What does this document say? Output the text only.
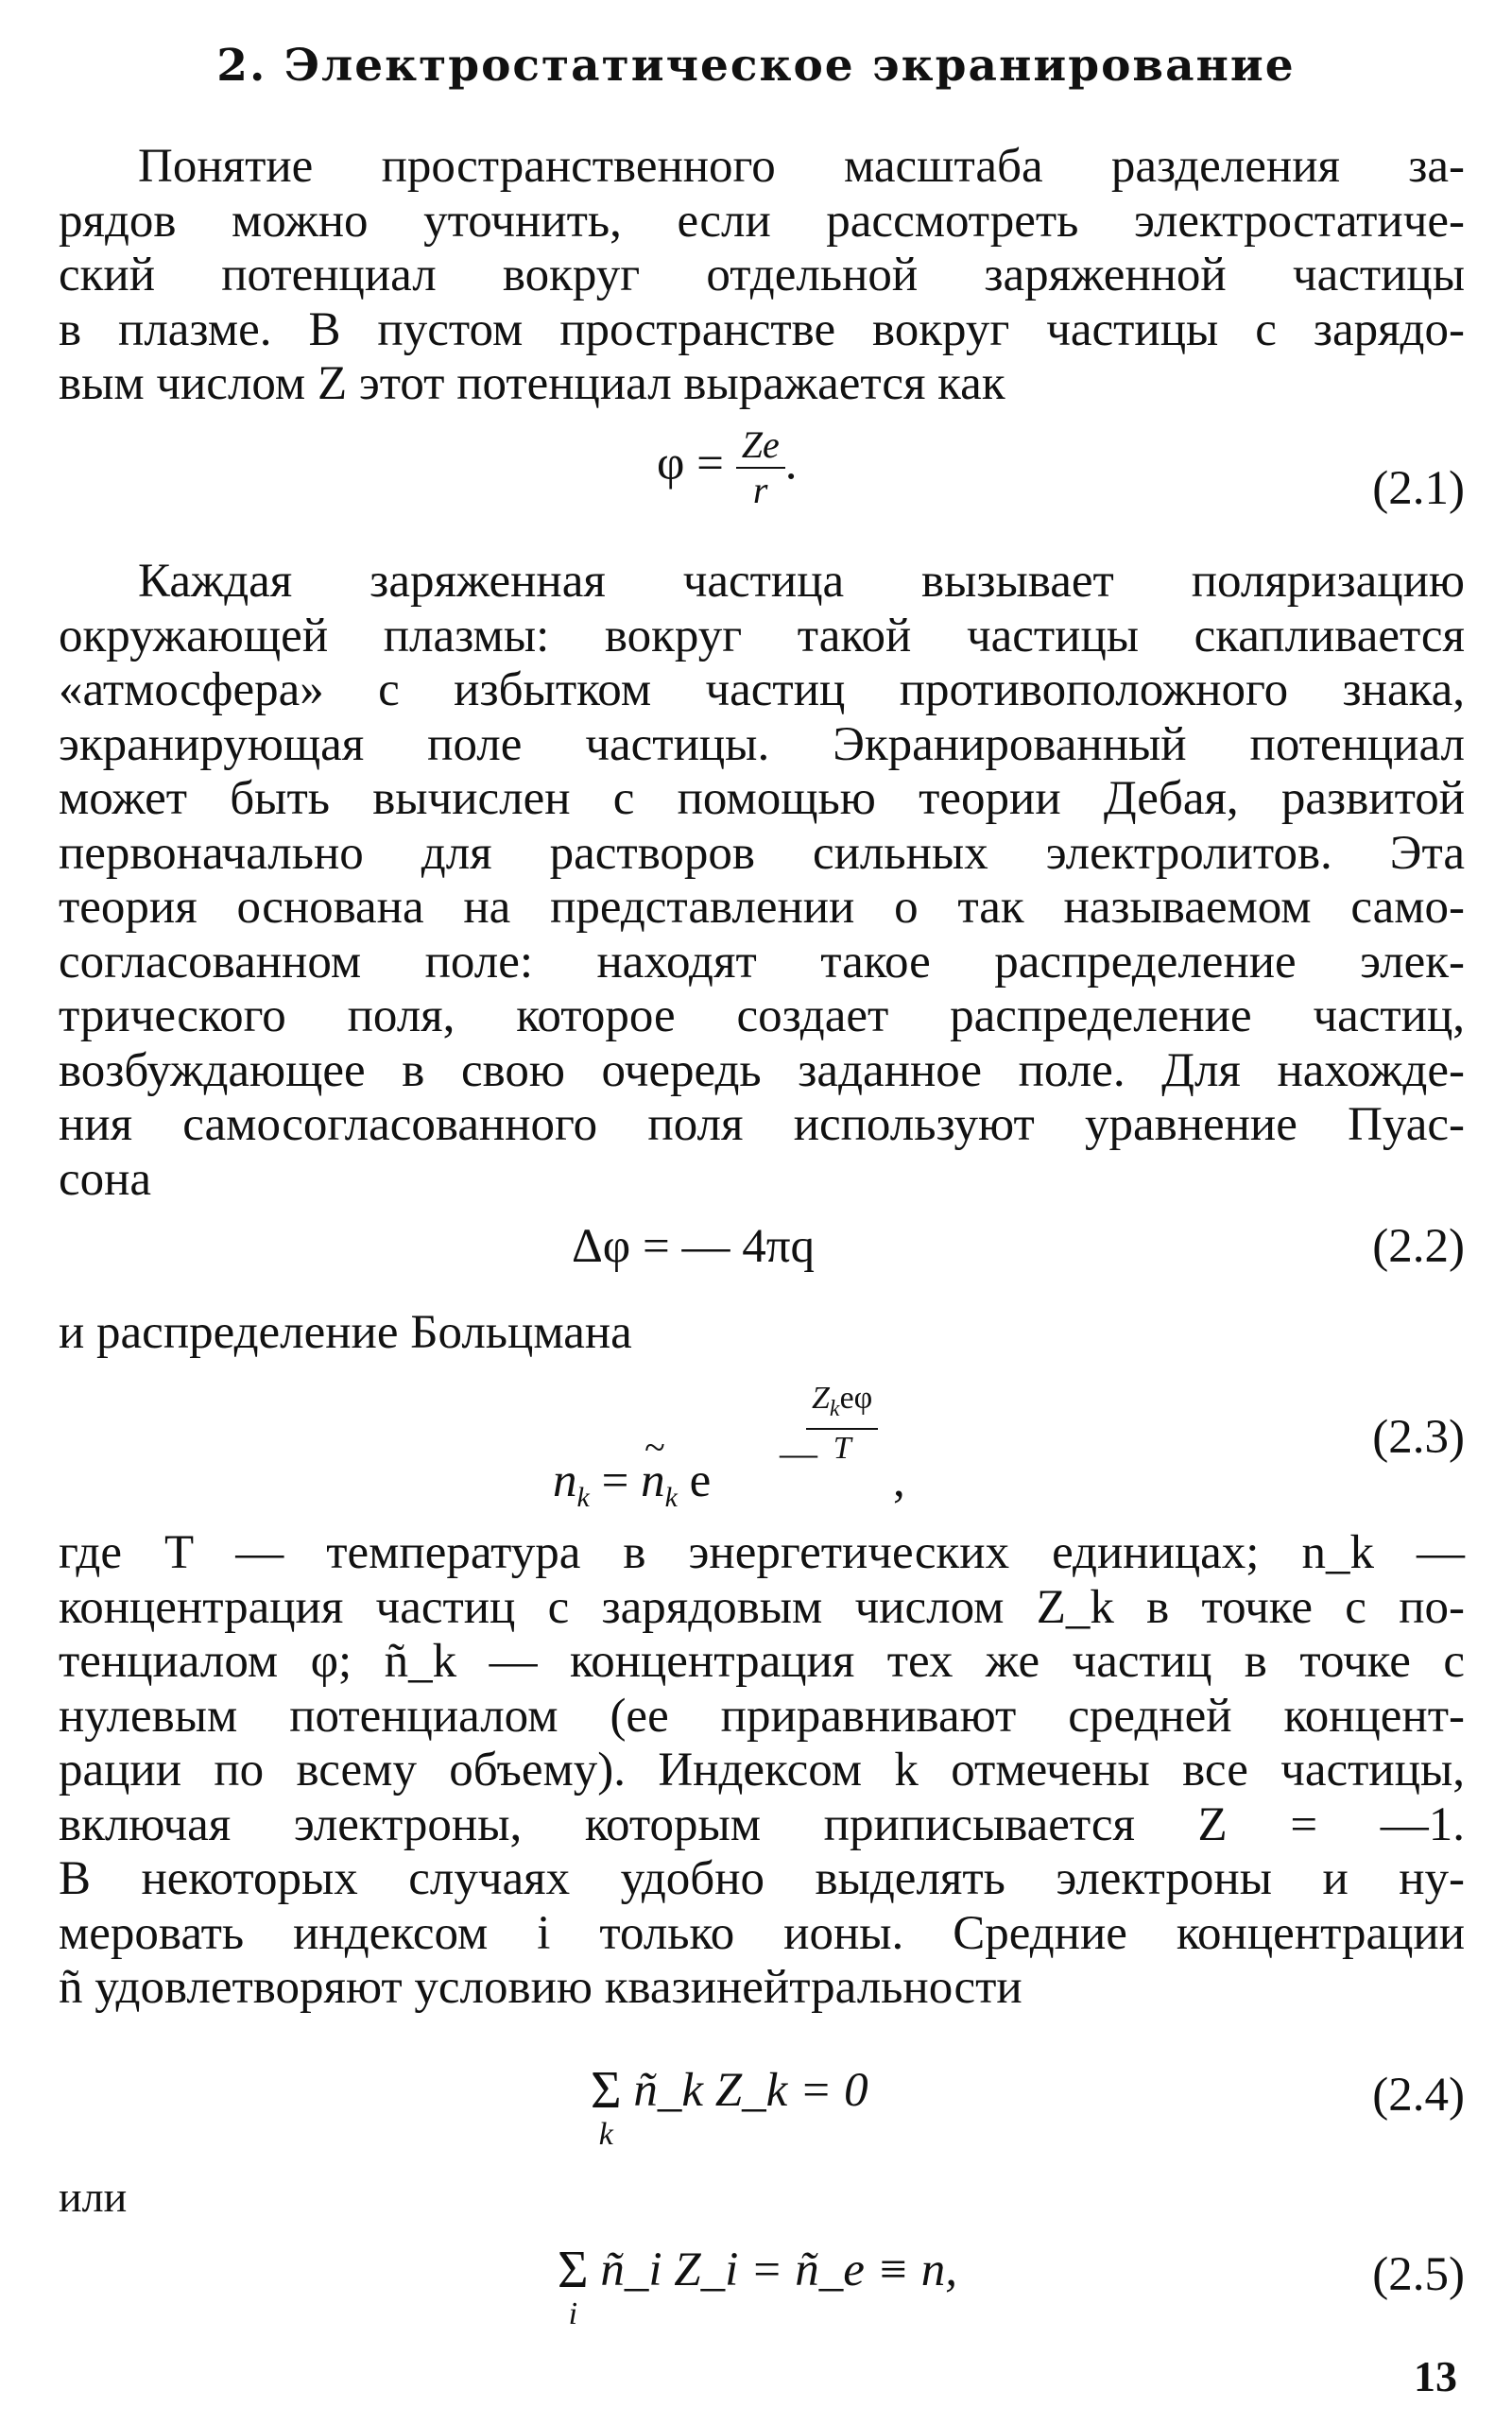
2. Электростатическое экранирование
Понятие пространственного масштаба разделения за-
рядов можно уточнить, если рассмотреть электростатиче-
ский потенциал вокруг отдельной заряженной частицы
в плазме. В пустом пространстве вокруг частицы с зарядо-
вым числом Z этот потенциал выражается как
$\varphi = \frac{Ze}{r}$ .	(2.1)
Каждая заряженная частица вызывает поляризацию
окружающей плазмы: вокруг такой частицы скапливается
«атмосфера» с избытком частиц противоположного знака,
экранирующая поле частицы. Экранированный потенциал
может быть вычислен с помощью теории Дебая, развитой
первоначально для растворов сильных электролитов. Эта
теория основана на представлении о так называемом само-
согласованном поле: находят такое распределение элек-
трического поля, которое создает распределение частиц,
возбуждающее в свою очередь заданное поле. Для нахожде-
ния самосогласованного поля используют уравнение Пуас-
сона
Δφ = — 4πq	(2.2)
и распределение Больцмана
$n_k$ = ~ $n_k$ e
—
$Z_ke\varphi$
T
,
(2.3)
где T — температура в энергетических единицах; n_k —
концентрация частиц с зарядовым числом Z_k в точке с по-
тенциалом φ; ñ_k — концентрация тех же частиц в точке с
нулевым потенциалом (ее приравнивают средней концент-
рации по всему объему). Индексом k отмечены все частицы,
включая электроны, которым приписывается Z = —1.
В некоторых случаях удобно выделять электроны и ну-
меровать индексом i только ионы. Средние концентрации
ñ удовлетворяют условию квазинейтральности
Σ
k
ñ_k Z_k = 0	(2.4)
или
Σ
i
ñ_i Z_i = ñ_e ≡ n,	(2.5)
13
